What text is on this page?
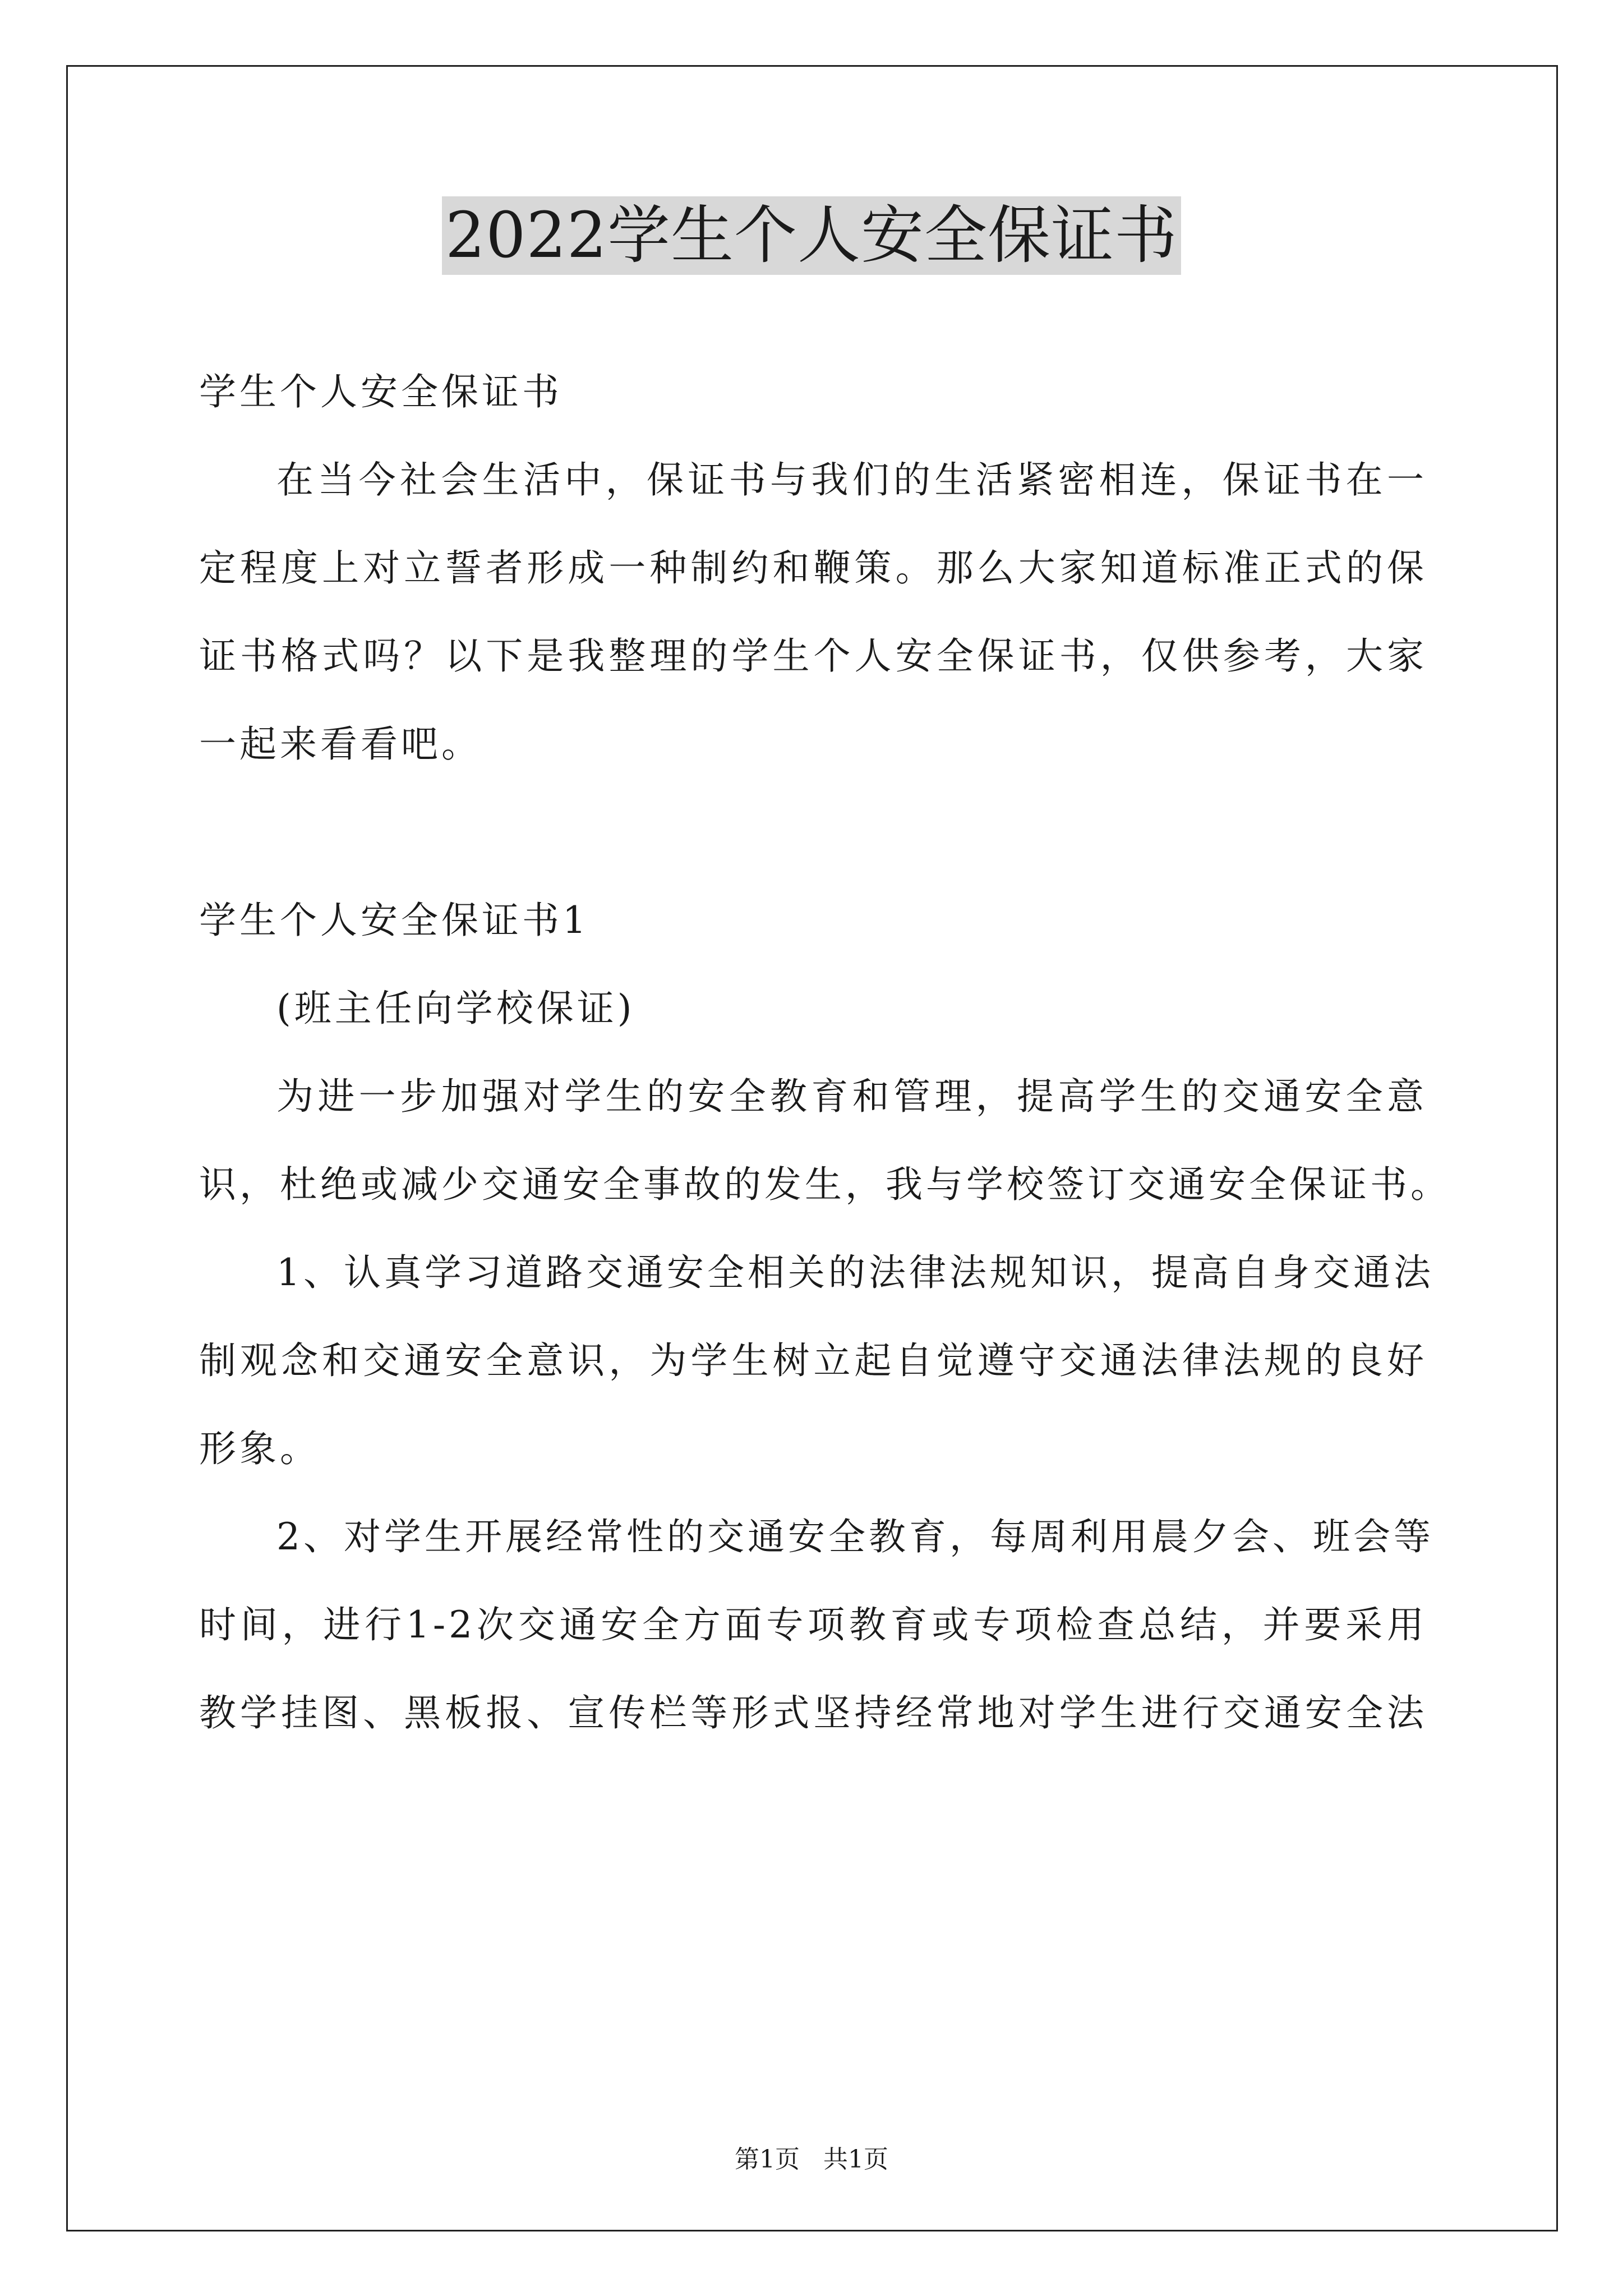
2022学生个人安全保证书
学生个人安全保证书
在当今社会生活中，保证书与我们的生活紧密相连，保证书在一
定程度上对立誓者形成一种制约和鞭策。那么大家知道标准正式的保
证书格式吗？以下是我整理的学生个人安全保证书，仅供参考，大家
一起来看看吧。
学生个人安全保证书1
(班主任向学校保证)
为进一步加强对学生的安全教育和管理，提高学生的交通安全意
识，杜绝或减少交通安全事故的发生，我与学校签订交通安全保证书。
1、认真学习道路交通安全相关的法律法规知识，提高自身交通法
制观念和交通安全意识，为学生树立起自觉遵守交通法律法规的良好
形象。
2、对学生开展经常性的交通安全教育，每周利用晨夕会、班会等
时间，进行1-2次交通安全方面专项教育或专项检查总结，并要采用
教学挂图、黑板报、宣传栏等形式坚持经常地对学生进行交通安全法
第1页   共1页
